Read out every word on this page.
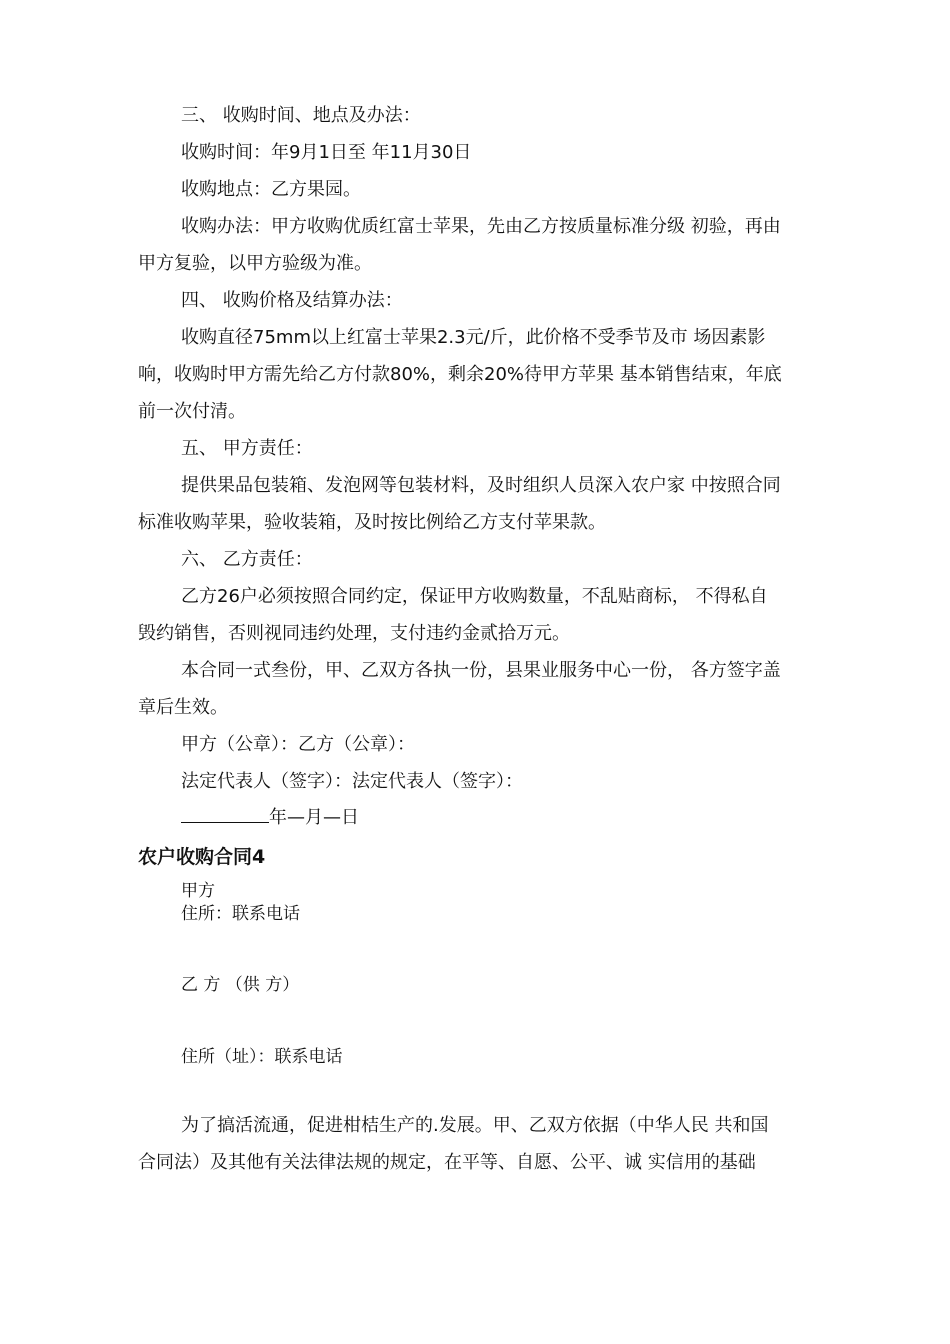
三、 收购时间、地点及办法：
收购时间：年9月1日至 年11月30日
收购地点：乙方果园。
收购办法：甲方收购优质红富士苹果，先由乙方按质量标准分级 初验，再由
甲方复验，以甲方验级为准。
四、 收购价格及结算办法：
收购直径75mm以上红富士苹果2.3元/斤，此价格不受季节及市 场因素影
响，收购时甲方需先给乙方付款80%，剩余20%待甲方苹果 基本销售结束，年底
前一次付清。
五、 甲方责任：
提供果品包装箱、发泡网等包装材料，及时组织人员深入农户家 中按照合同
标准收购苹果，验收装箱，及时按比例给乙方支付苹果款。
六、 乙方责任：
乙方26户必须按照合同约定，保证甲方收购数量，不乱贴商标， 不得私自
毁约销售，否则视同违约处理，支付违约金贰拾万元。
本合同一式叁份，甲、乙双方各执一份，县果业服务中心一份， 各方签字盖
章后生效。
甲方（公章）：乙方（公章）：
法定代表人（签字）：法定代表人（签字）：
年—月—日
农户收购合同4
甲方
住所：联系电话
乙 方 （供 方）
住所（址）：联系电话
为了搞活流通，促进柑桔生产的.发展。甲、乙双方依据（中华人民 共和国
合同法）及其他有关法律法规的规定，在平等、自愿、公平、诚 实信用的基础
